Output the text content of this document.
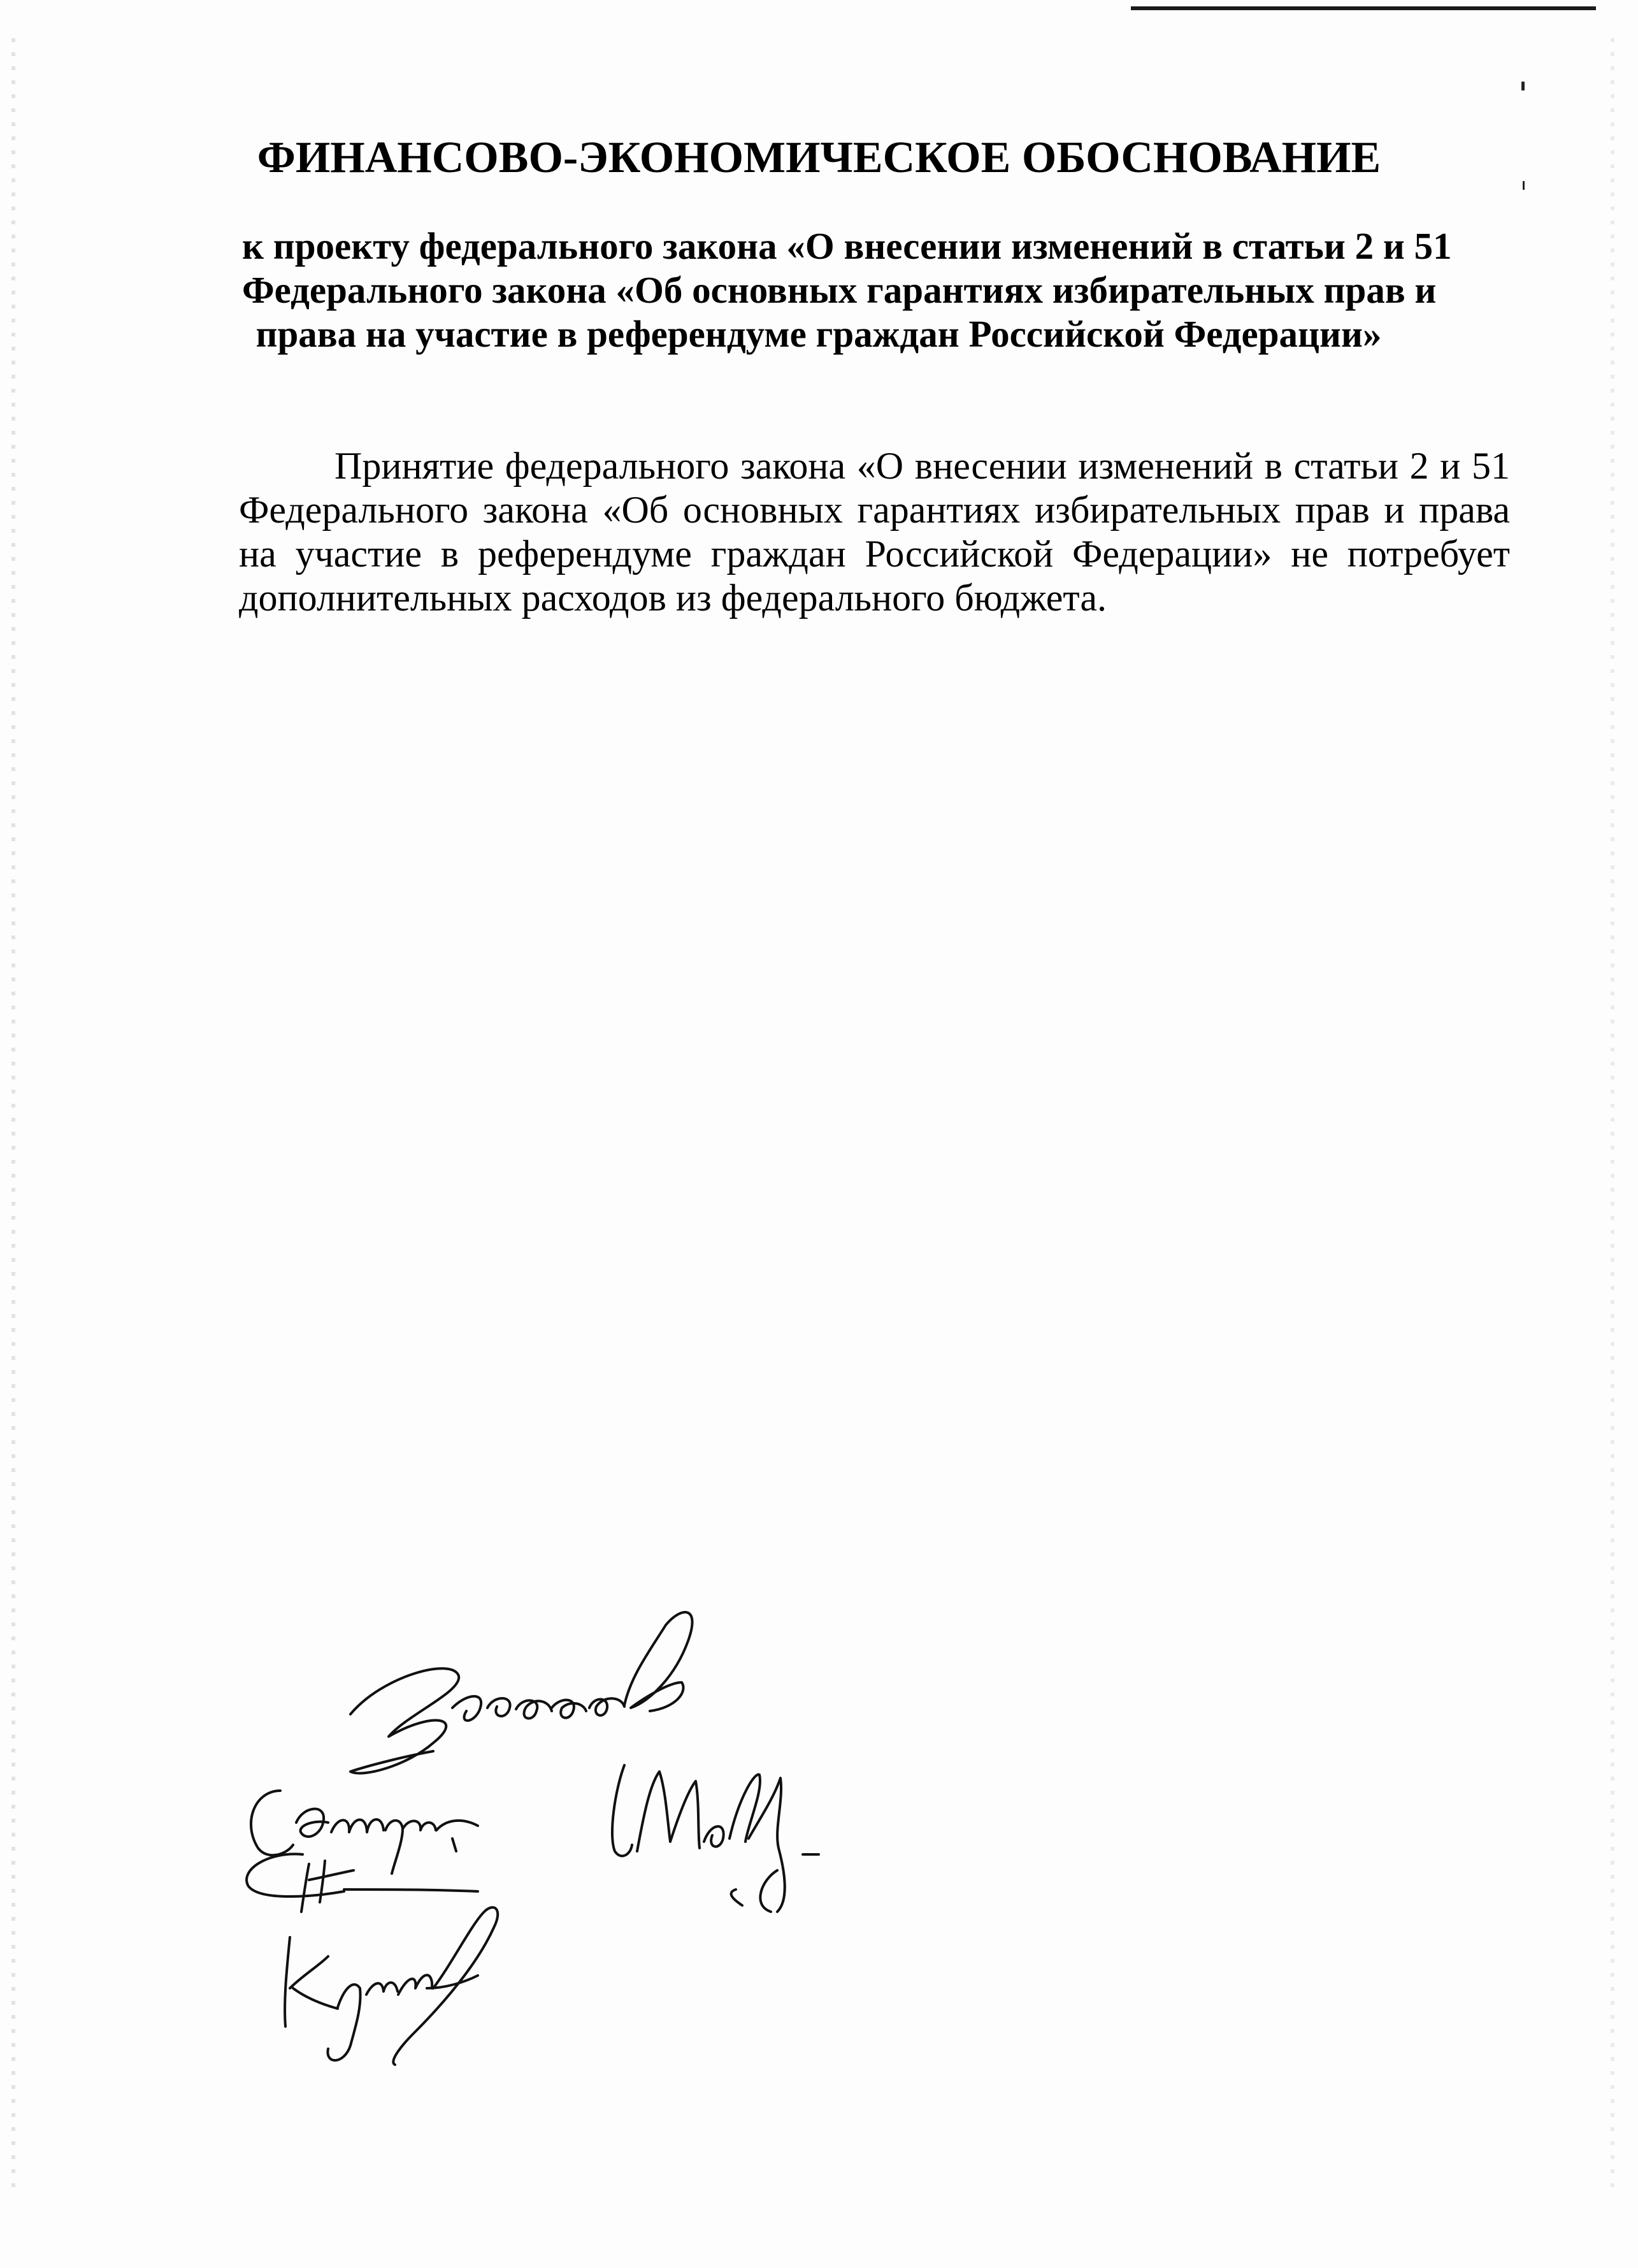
ФИНАНСОВО-ЭКОНОМИЧЕСКОЕ ОБОСНОВАНИЕ
к проекту федерального закона «О внесении изменений в статьи 2 и 51
Федерального закона «Об основных гарантиях избирательных прав и
права на участие в референдуме граждан Российской Федерации»

Принятие федерального закона «О внесении изменений в статьи 2 и 51 Федерального закона «Об основных гарантиях избирательных прав и права на участие в референдуме граждан Российской Федерации» не потребует дополнительных расходов из федерального бюджета.
